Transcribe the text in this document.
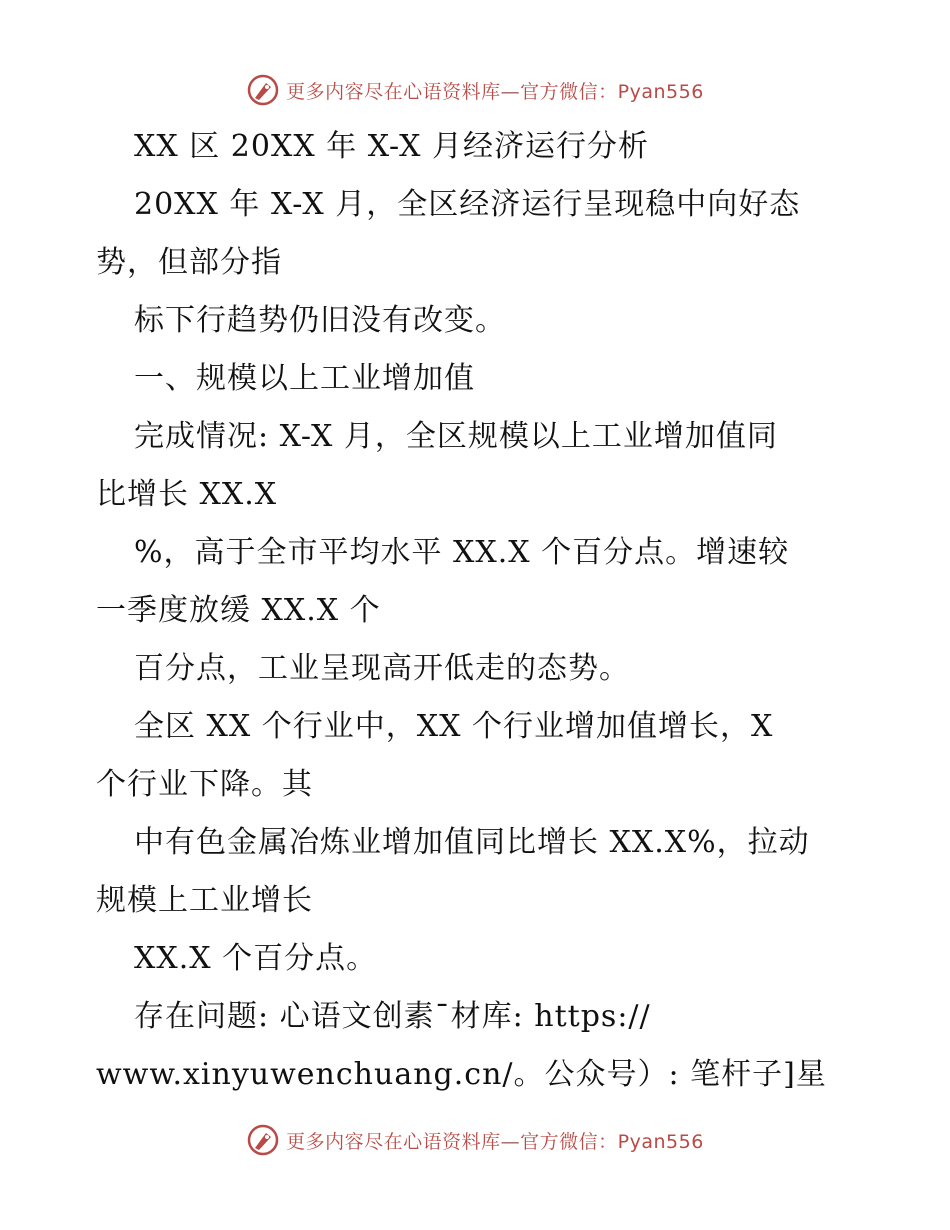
更多内容尽在心语资料库—官方微信：Pyan556
XX 区 20XX 年 X-X 月经济运行分析
20XX 年 X-X 月，全区经济运行呈现稳中向好态
势，但部分指
标下行趋势仍旧没有改变。
一、规模以上工业增加值
完成情况: X-X 月，全区规模以上工业增加值同
比增长 XX.X
%，高于全市平均水平 XX.X 个百分点。增速较
一季度放缓 XX.X 个
百分点，工业呈现高开低走的态势。
全区 XX 个行业中，XX 个行业增加值增长，X
个行业下降。其
中有色金属冶炼业增加值同比增长 XX.X%，拉动
规模上工业增长
XX.X 个百分点。
存在问题: 心语文创素¯材库: https://
www.xinyuwenchuang.cn/。公众号）: 笔杆子]星
更多内容尽在心语资料库—官方微信：Pyan556
